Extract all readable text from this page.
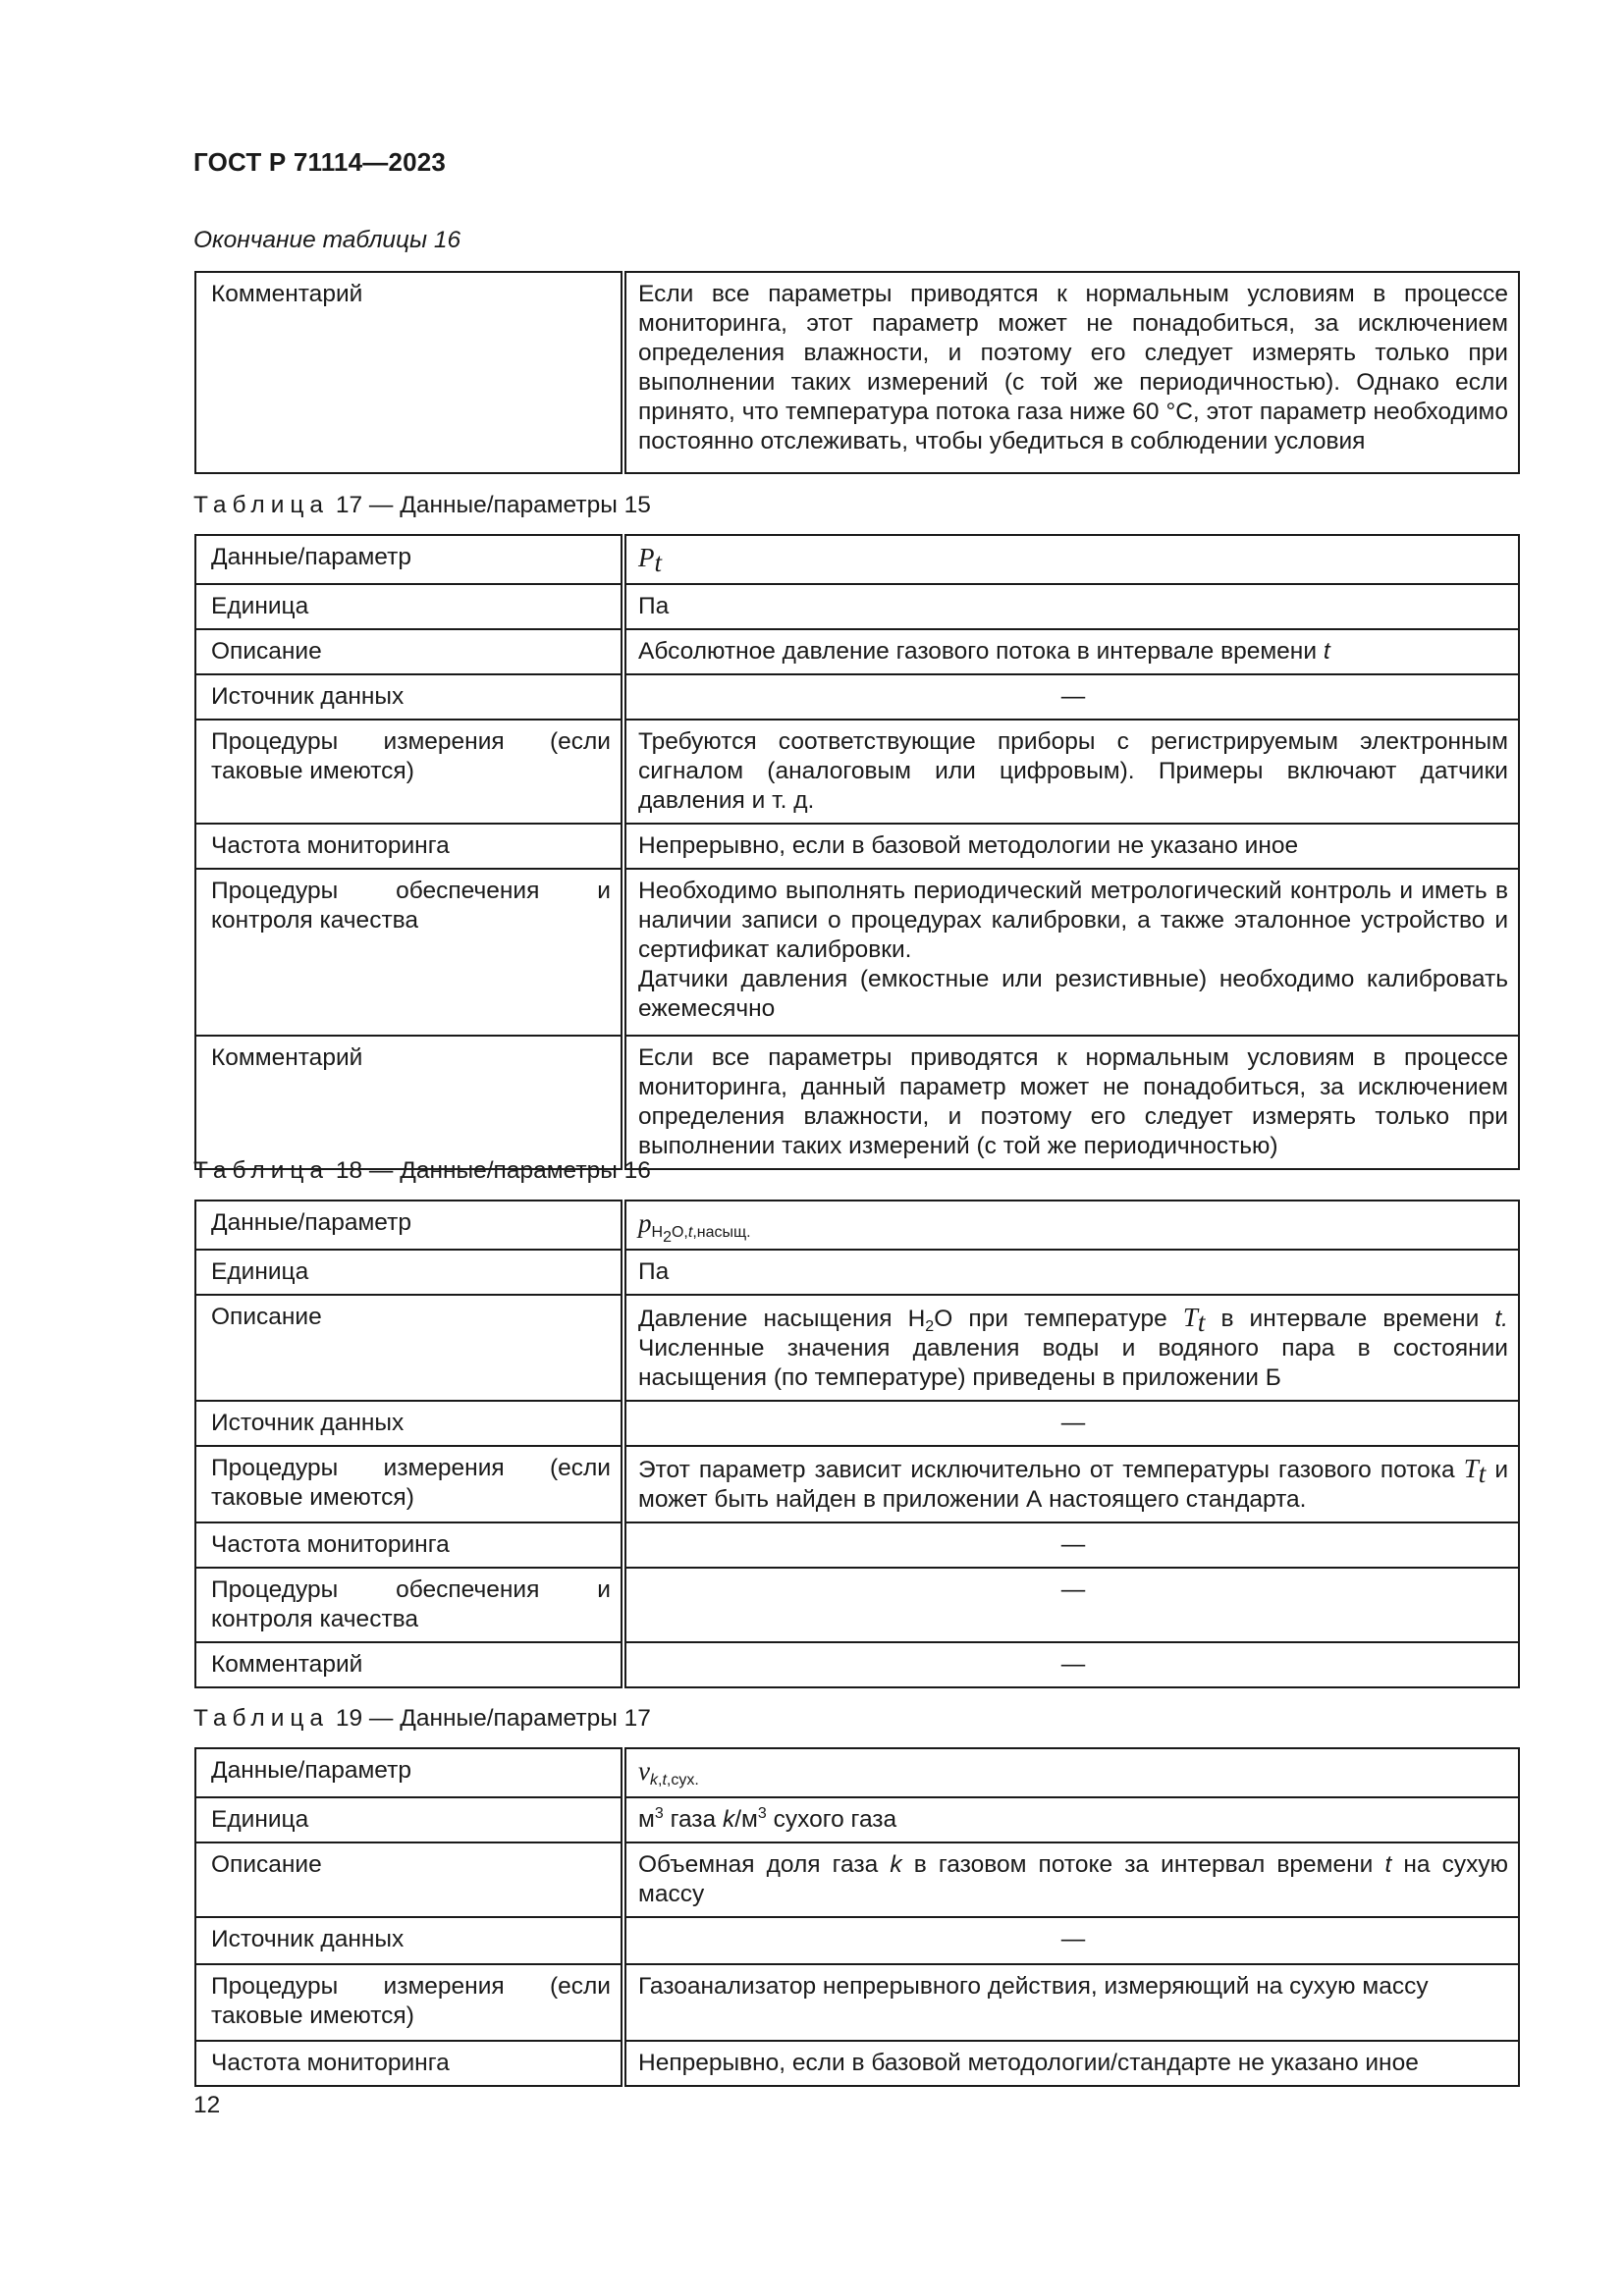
ГОСТ Р 71114—2023
Окончание таблицы 16
Комментарий	Если все параметры приводятся к нормальным условиям в процессе мониторинга, этот параметр может не понадобиться, за исключением определения влажности, и поэтому его следует измерять только при выполнении таких измерений (с той же периодичностью). Однако если принято, что температура потока газа ниже 60 °С, этот параметр необходимо постоянно отслеживать, чтобы убедиться в соблюдении условия
Таблица 17 — Данные/параметры 15
Данные/параметр	$P_t$
Единица	Па
Описание	Абсолютное давление газового потока в интервале времени t
Источник данных	—
Процедуры измерения (если таковые имеются)	Требуются соответствующие приборы с регистрируемым электронным сигналом (аналоговым или цифровым). Примеры включают датчики давления и т. д.
Частота мониторинга	Непрерывно, если в базовой методологии не указано иное
Процедуры обеспечения и контроля качества	Необходимо выполнять периодический метрологический контроль и иметь в наличии записи о процедурах калибровки, а также эталонное устройство и сертификат калибровки.
Датчики давления (емкостные или резистивные) необходимо калибровать ежемесячно

Комментарий	Если все параметры приводятся к нормальным условиям в процессе мониторинга, данный параметр может не понадобиться, за исключением определения влажности, и поэтому его следует измерять только при выполнении таких измерений (с той же периодичностью)
Таблица 18 — Данные/параметры 16
Данные/параметр	$p_{H_2O,t,насыщ.}$
Единица	Па
Описание	Давление насыщения $H_2O$ при температуре $T_t$ в интервале времени t. Численные значения давления воды и водяного пара в состоянии насыщения (по температуре) приведены в приложении Б
Источник данных	—
Процедуры измерения (если таковые имеются)	Этот параметр зависит исключительно от температуры газового потока $T_t$ и может быть найден в приложении А настоящего стандарта.
Частота мониторинга	—
Процедуры обеспечения и контроля качества	—
Комментарий	—
Таблица 19 — Данные/параметры 17
Данные/параметр	$v_{k,t,сух.}$
Единица	$м^3$ газа $k/м^3$ сухого газа
Описание	Объемная доля газа k в газовом потоке за интервал времени t на сухую массу
Источник данных	—
Процедуры измерения (если таковые имеются)	Газоанализатор непрерывного действия, измеряющий на сухую массу
Частота мониторинга	Непрерывно, если в базовой методологии/стандарте не указано иное
12
